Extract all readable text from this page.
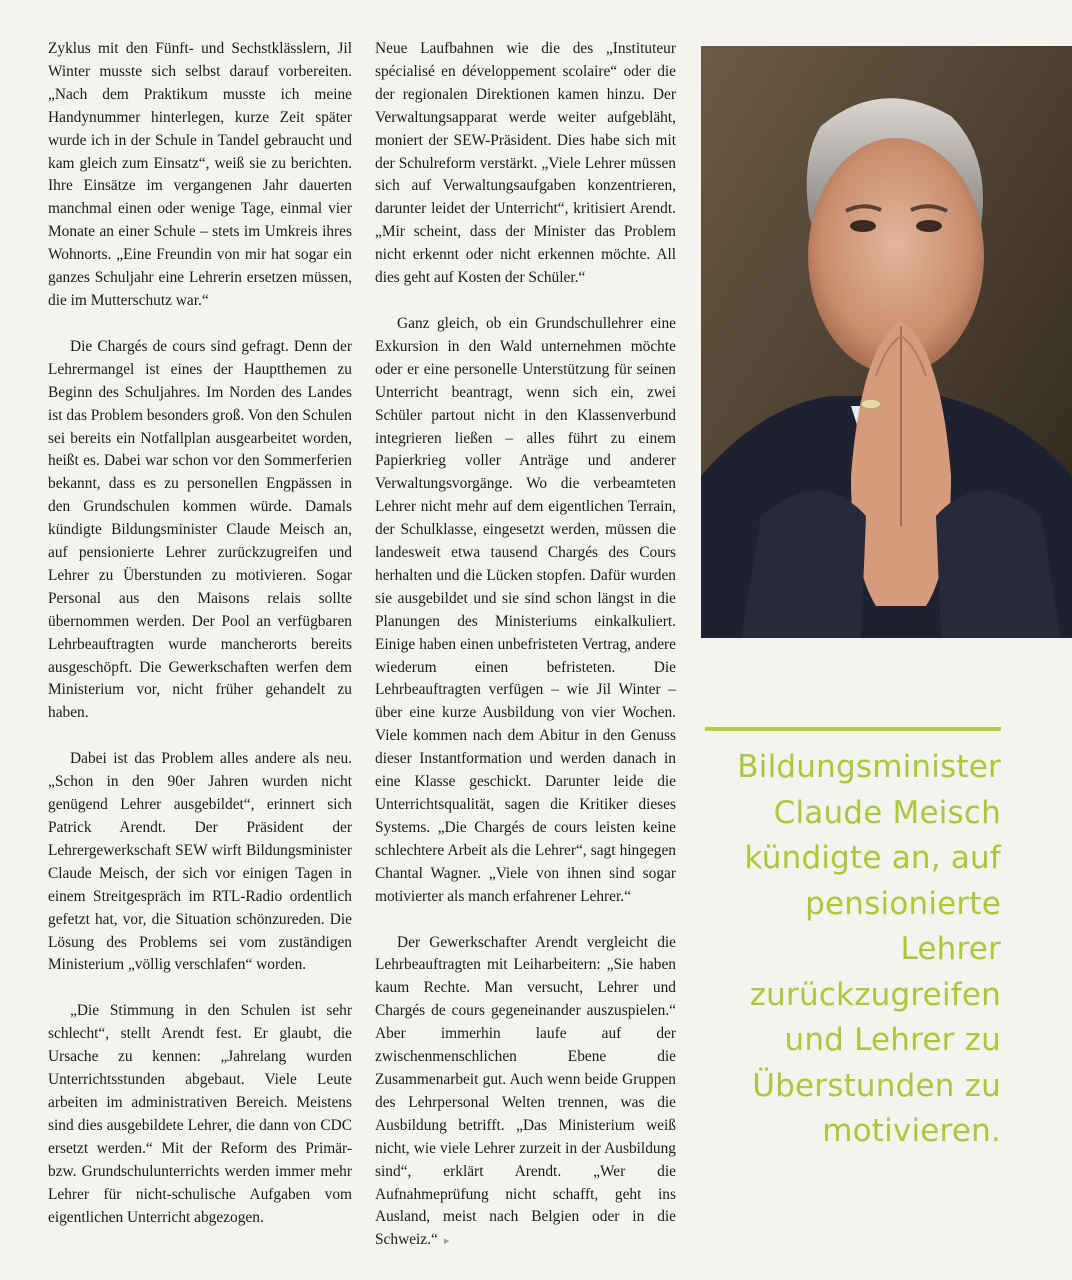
Zyklus mit den Fünft- und Sechstklässlern, Jil Winter musste sich selbst darauf vorbereiten. „Nach dem Praktikum musste ich meine Handynummer hinterlegen, kurze Zeit später wurde ich in der Schule in Tandel gebraucht und kam gleich zum Einsatz“, weiß sie zu berichten. Ihre Einsätze im vergangenen Jahr dauerten manchmal einen oder wenige Tage, einmal vier Monate an einer Schule – stets im Umkreis ihres Wohnorts. „Eine Freundin von mir hat sogar ein ganzes Schuljahr eine Lehrerin ersetzen müssen, die im Mutterschutz war.“

Die Chargés de cours sind gefragt. Denn der Lehrermangel ist eines der Hauptthemen zu Beginn des Schuljahres. Im Norden des Landes ist das Problem besonders groß. Von den Schulen sei bereits ein Notfallplan ausgearbeitet worden, heißt es. Dabei war schon vor den Sommerferien bekannt, dass es zu personellen Engpässen in den Grundschulen kommen würde. Damals kündigte Bildungsminister Claude Meisch an, auf pensionierte Lehrer zurückzugreifen und Lehrer zu Überstunden zu motivieren. Sogar Personal aus den Maisons relais sollte übernommen werden. Der Pool an verfügbaren Lehrbeauftragten wurde mancherorts bereits ausgeschöpft. Die Gewerkschaften werfen dem Ministerium vor, nicht früher gehandelt zu haben.

Dabei ist das Problem alles andere als neu. „Schon in den 90er Jahren wurden nicht genügend Lehrer ausgebildet“, erinnert sich Patrick Arendt. Der Präsident der Lehrergewerkschaft SEW wirft Bildungsminister Claude Meisch, der sich vor einigen Tagen in einem Streitgespräch im RTL-Radio ordentlich gefetzt hat, vor, die Situation schönzureden. Die Lösung des Problems sei vom zuständigen Ministerium „völlig verschlafen“ worden.

„Die Stimmung in den Schulen ist sehr schlecht“, stellt Arendt fest. Er glaubt, die Ursache zu kennen: „Jahrelang wurden Unterrichtsstunden abgebaut. Viele Leute arbeiten im administrativen Bereich. Meistens sind dies ausgebildete Lehrer, die dann von CDC ersetzt werden.“ Mit der Reform des Primär- bzw. Grundschulunterrichts werden immer mehr Lehrer für nicht-schulische Aufgaben vom eigentlichen Unterricht abgezogen.

Neue Laufbahnen wie die des „Instituteur spécialisé en développement scolaire“ oder die der regionalen Direktionen kamen hinzu. Der Verwaltungsapparat werde weiter aufgebläht, moniert der SEW-Präsident. Dies habe sich mit der Schulreform verstärkt. „Viele Lehrer müssen sich auf Verwaltungsaufgaben konzentrieren, darunter leidet der Unterricht“, kritisiert Arendt. „Mir scheint, dass der Minister das Problem nicht erkennt oder nicht erkennen möchte. All dies geht auf Kosten der Schüler.“

Ganz gleich, ob ein Grundschullehrer eine Exkursion in den Wald unternehmen möchte oder er eine personelle Unterstützung für seinen Unterricht beantragt, wenn sich ein, zwei Schüler partout nicht in den Klassenverbund integrieren ließen – alles führt zu einem Papierkrieg voller Anträge und anderer Verwaltungsvorgänge. Wo die verbeamteten Lehrer nicht mehr auf dem eigentlichen Terrain, der Schulklasse, eingesetzt werden, müssen die landesweit etwa tausend Chargés des Cours herhalten und die Lücken stopfen. Dafür wurden sie ausgebildet und sie sind schon längst in die Planungen des Ministeriums einkalkuliert. Einige haben einen unbefristeten Vertrag, andere wiederum einen befristeten. Die Lehrbeauftragten verfügen – wie Jil Winter – über eine kurze Ausbildung von vier Wochen. Viele kommen nach dem Abitur in den Genuss dieser Instantformation und werden danach in eine Klasse geschickt. Darunter leide die Unterrichtsqualität, sagen die Kritiker dieses Systems. „Die Chargés de cours leisten keine schlechtere Arbeit als die Lehrer“, sagt hingegen Chantal Wagner. „Viele von ihnen sind sogar motivierter als manch erfahrener Lehrer.“

Der Gewerkschafter Arendt vergleicht die Lehrbeauftragten mit Leiharbeitern: „Sie haben kaum Rechte. Man versucht, Lehrer und Chargés de cours gegeneinander auszuspielen.“ Aber immerhin laufe auf der zwischenmenschlichen Ebene die Zusammenarbeit gut. Auch wenn beide Gruppen des Lehrpersonal Welten trennen, was die Ausbildung betrifft. „Das Ministerium weiß nicht, wie viele Lehrer zurzeit in der Ausbildung sind“, erklärt Arendt. „Wer die Aufnahmeprüfung nicht schafft, geht ins Ausland, meist nach Belgien oder in die Schweiz.“ ▸

Bildungsminister
Claude Meisch
kündigte an, auf
pensionierte
Lehrer
zurückzugreifen
und Lehrer zu
Überstunden zu
motivieren.
